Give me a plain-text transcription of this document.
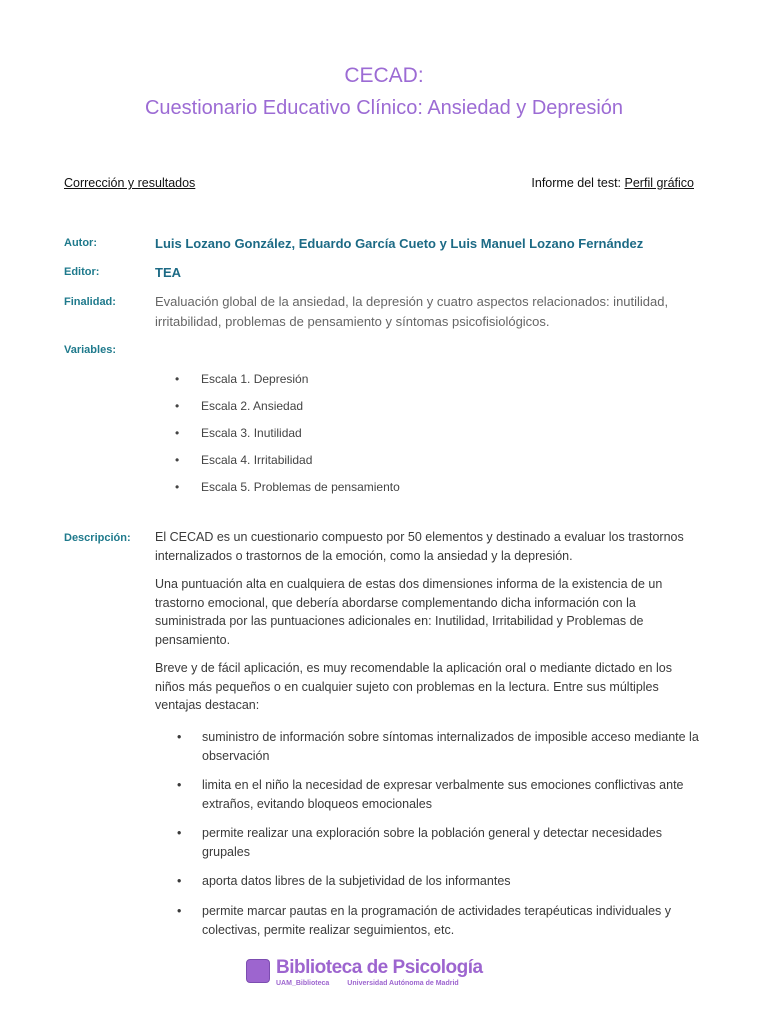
CECAD:
Cuestionario Educativo Clínico: Ansiedad y Depresión
Corrección y resultados	Informe del test: Perfil gráfico
Autor:	Luis Lozano González, Eduardo García Cueto y Luis Manuel Lozano Fernández
Editor:	TEA
Finalidad:	Evaluación global de la ansiedad, la depresión y cuatro aspectos relacionados: inutilidad, irritabilidad, problemas de pensamiento y síntomas psicofisiológicos.
Variables:
Escala 1. Depresión
Escala 2. Ansiedad
Escala 3. Inutilidad
Escala 4. Irritabilidad
Escala 5. Problemas de pensamiento
Descripción: El CECAD es un cuestionario compuesto por 50 elementos y destinado a evaluar los trastornos internalizados o trastornos de la emoción, como la ansiedad y la depresión.

Una puntuación alta en cualquiera de estas dos dimensiones informa de la existencia de un trastorno emocional, que debería abordarse complementando dicha información con la suministrada por las puntuaciones adicionales en: Inutilidad, Irritabilidad y Problemas de pensamiento.

Breve y de fácil aplicación, es muy recomendable la aplicación oral o mediante dictado en los niños más pequeños o en cualquier sujeto con problemas en la lectura. Entre sus múltiples ventajas destacan:

• suministro de información sobre síntomas internalizados de imposible acceso mediante la observación
• limita en el niño la necesidad de expresar verbalmente sus emociones conflictivas ante extraños, evitando bloqueos emocionales
• permite realizar una exploración sobre la población general y detectar necesidades grupales
• aporta datos libres de la subjetividad de los informantes
• permite marcar pautas en la programación de actividades terapéuticas individuales y colectivas, permite realizar seguimientos, etc.
Biblioteca de Psicología
UAM_Biblioteca	Universidad Autónoma de Madrid
